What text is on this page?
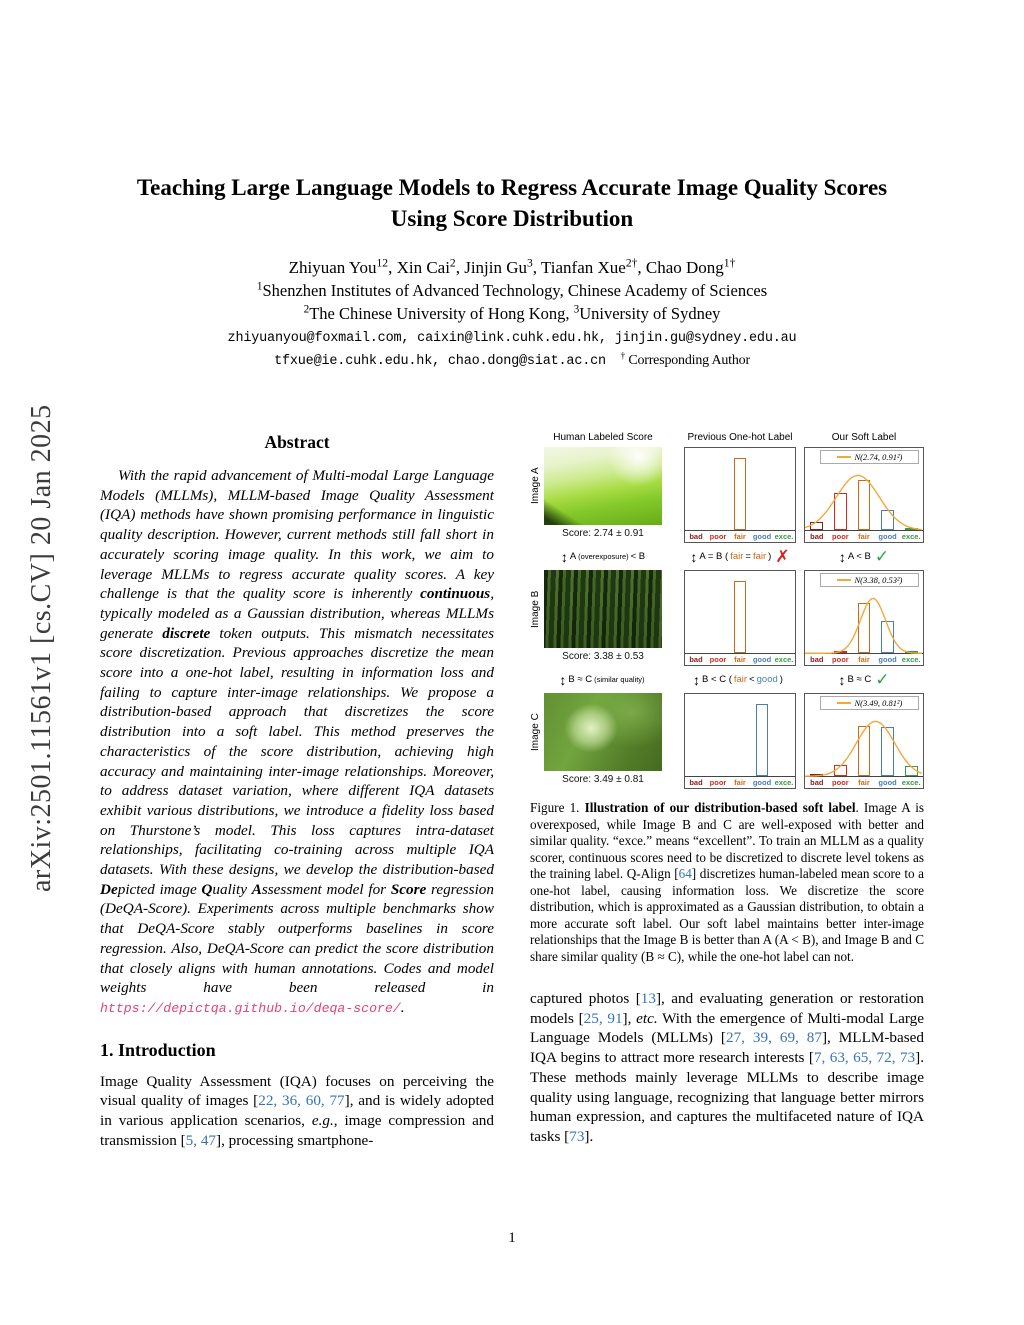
arXiv:2501.11561v1 [cs.CV] 20 Jan 2025
Teaching Large Language Models to Regress Accurate Image Quality Scores
Using Score Distribution
Zhiyuan You$^{12}$, Xin Cai$^2$, Jinjin Gu$^3$, Tianfan Xue$^{2\dagger}$, Chao Dong$^{1\dagger}$
$^1$Shenzhen Institutes of Advanced Technology, Chinese Academy of Sciences
$^2$The Chinese University of Hong Kong, $^3$University of Sydney
zhiyuanyou@foxmail.com, caixin@link.cuhk.edu.hk, jinjin.gu@sydney.edu.au
tfxue@ie.cuhk.edu.hk, chao.dong@siat.ac.cn † Corresponding Author
Abstract

With the rapid advancement of Multi-modal Large Language Models (MLLMs), MLLM-based Image Quality Assessment (IQA) methods have shown promising performance in linguistic quality description. However, current methods still fall short in accurately scoring image quality. In this work, we aim to leverage MLLMs to regress accurate quality scores. A key challenge is that the quality score is inherently continuous, typically modeled as a Gaussian distribution, whereas MLLMs generate discrete token outputs. This mismatch necessitates score discretization. Previous approaches discretize the mean score into a one-hot label, resulting in information loss and failing to capture inter-image relationships. We propose a distribution-based approach that discretizes the score distribution into a soft label. This method preserves the characteristics of the score distribution, achieving high accuracy and maintaining inter-image relationships. Moreover, to address dataset variation, where different IQA datasets exhibit various distributions, we introduce a fidelity loss based on Thurstone’s model. This loss captures intra-dataset relationships, facilitating co-training across multiple IQA datasets. With these designs, we develop the distribution-based Depicted image Quality Assessment model for Score regression (DeQA-Score). Experiments across multiple benchmarks show that DeQA-Score stably outperforms baselines in score regression. Also, DeQA-Score can predict the score distribution that closely aligns with human annotations. Codes and model weights have been released in https://depictqa.github.io/deqa-score/.

1. Introduction

Image Quality Assessment (IQA) focuses on perceiving the visual quality of images [22, 36, 60, 77], and is widely adopted in various application scenarios, e.g., image compression and transmission [5, 47], processing smartphone-

Human Labeled Score	Previous One-hot Label	Our Soft Label
Image A
Score: 2.74 ± 0.91	bad poor	fair good exce.
N(2.74, 0.91²)
bad	poor	fair	good exce.
↕ A (overexposure) < B	↕ A = B ( fair = fair ) ✗	↕ A < B ✓
Image B
Score: 3.38 ± 0.53	bad poor	fair good exce.
N(3.38, 0.53²)
bad	poor	fair	good exce.
↕ B ≈ C (similar quality)	↕ B < C ( fair < good )	↕ B ≈ C ✓
Image C
Score: 3.49 ± 0.81	bad poor	fair good exce.
N(3.49, 0.81²)
bad	poor	fair	good exce.

Figure 1. Illustration of our distribution-based soft label. Image A is overexposed, while Image B and C are well-exposed with better and similar quality. “exce.” means “excellent”. To train an MLLM as a quality scorer, continuous scores need to be discretized to discrete level tokens as the training label. Q-Align [64] discretizes human-labeled mean score to a one-hot label, causing information loss. We discretize the score distribution, which is approximated as a Gaussian distribution, to obtain a more accurate soft label. Our soft label maintains better inter-image relationships that the Image B is better than A (A < B), and Image B and C share similar quality (B ≈ C), while the one-hot label can not.

captured photos [13], and evaluating generation or restoration models [25, 91], etc. With the emergence of Multi-modal Large Language Models (MLLMs) [27, 39, 69, 87], MLLM-based IQA begins to attract more research interests [7, 63, 65, 72, 73]. These methods mainly leverage MLLMs to describe image quality using language, recognizing that language better mirrors human expression, and captures the multifaceted nature of IQA tasks [73].

1
